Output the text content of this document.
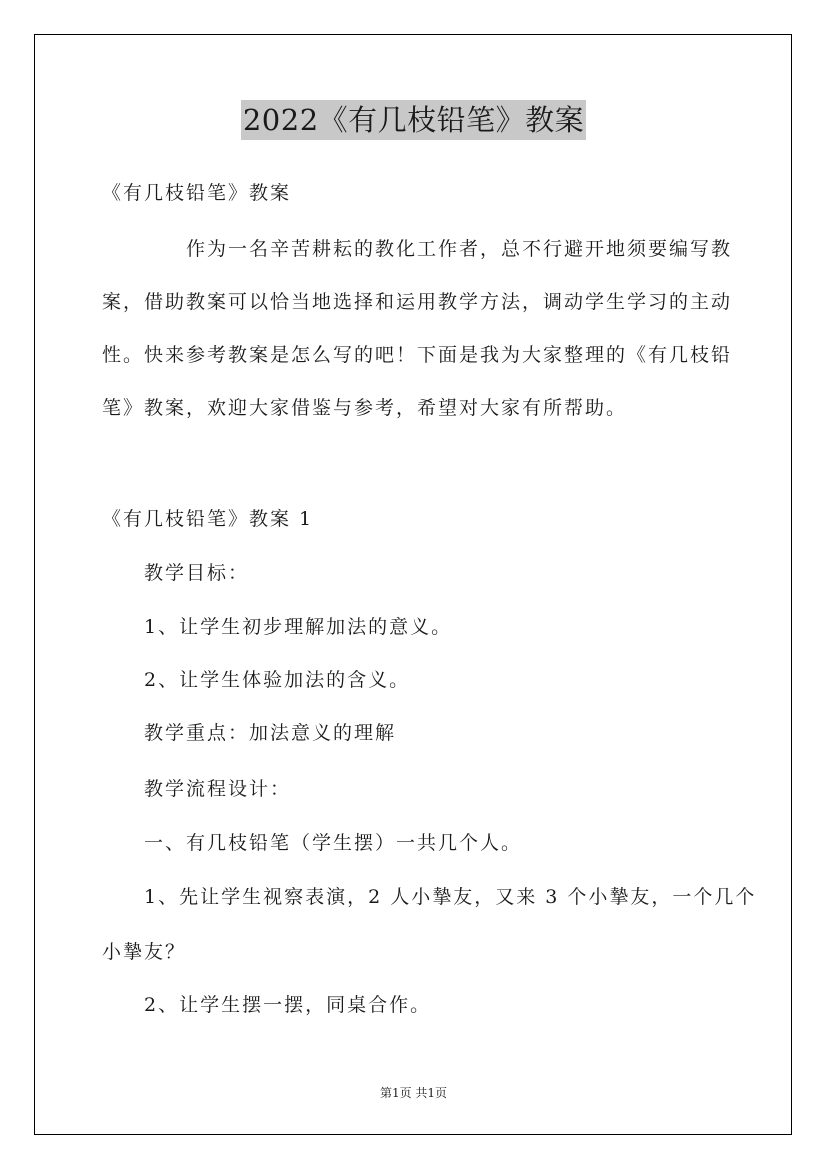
2022《有几枝铅笔》教案
《有几枝铅笔》教案
作为一名辛苦耕耘的教化工作者，总不行避开地须要编写教
案，借助教案可以恰当地选择和运用教学方法，调动学生学习的主动
性。快来参考教案是怎么写的吧！下面是我为大家整理的《有几枝铅
笔》教案，欢迎大家借鉴与参考，希望对大家有所帮助。
《有几枝铅笔》教案 1
教学目标：
1、让学生初步理解加法的意义。
2、让学生体验加法的含义。
教学重点：加法意义的理解
教学流程设计：
一、有几枝铅笔（学生摆）一共几个人。
1、先让学生视察表演，2 人小摯友，又来 3 个小摯友，一个几个
小摯友？
2、让学生摆一摆，同桌合作。
第1页 共1页
